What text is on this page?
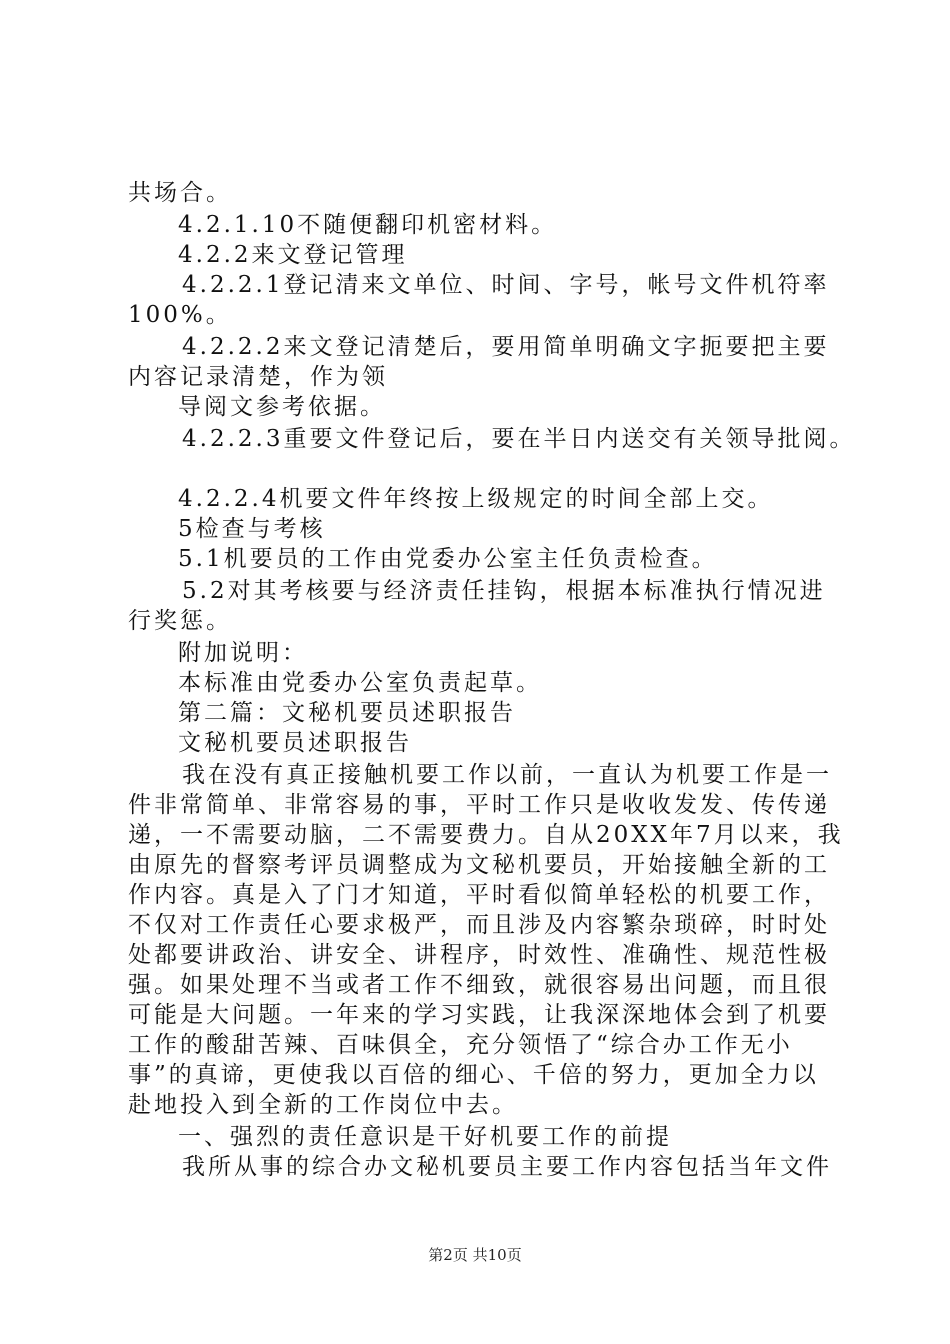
共场合。
4.2.1.10不随便翻印机密材料。
4.2.2来文登记管理
4.2.2.1登记清来文单位、时间、字号，帐号文件机符率
100%。
4.2.2.2来文登记清楚后，要用简单明确文字扼要把主要
内容记录清楚，作为领
导阅文参考依据。
4.2.2.3重要文件登记后，要在半日内送交有关领导批阅。
4.2.2.4机要文件年终按上级规定的时间全部上交。
5检查与考核
5.1机要员的工作由党委办公室主任负责检查。
5.2对其考核要与经济责任挂钩，根据本标准执行情况进
行奖惩。
附加说明：
本标准由党委办公室负责起草。
第二篇：文秘机要员述职报告
文秘机要员述职报告
我在没有真正接触机要工作以前，一直认为机要工作是一
件非常简单、非常容易的事，平时工作只是收收发发、传传递
递，一不需要动脑，二不需要费力。自从20XX年7月以来，我
由原先的督察考评员调整成为文秘机要员，开始接触全新的工
作内容。真是入了门才知道，平时看似简单轻松的机要工作，
不仅对工作责任心要求极严，而且涉及内容繁杂琐碎，时时处
处都要讲政治、讲安全、讲程序，时效性、准确性、规范性极
强。如果处理不当或者工作不细致，就很容易出问题，而且很
可能是大问题。一年来的学习实践，让我深深地体会到了机要
工作的酸甜苦辣、百味俱全，充分领悟了“综合办工作无小
事”的真谛，更使我以百倍的细心、千倍的努力，更加全力以
赴地投入到全新的工作岗位中去。
一、强烈的责任意识是干好机要工作的前提
我所从事的综合办文秘机要员主要工作内容包括当年文件
第2页 共10页
